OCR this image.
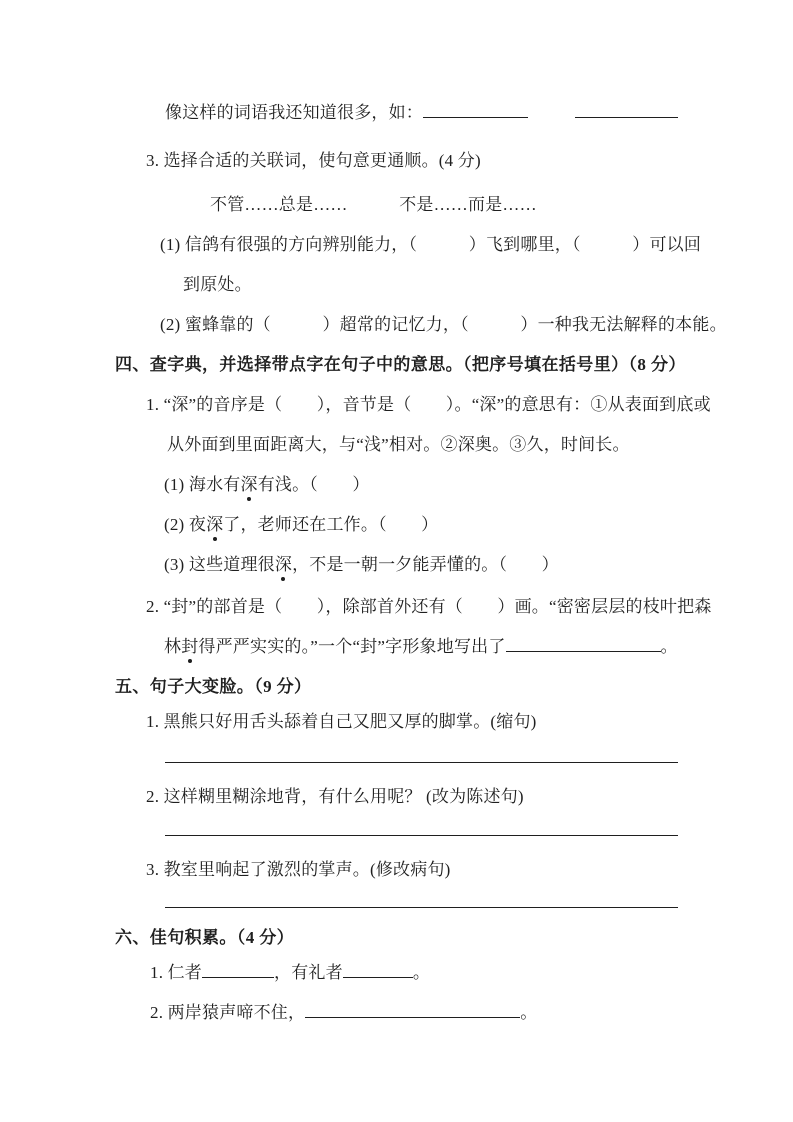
像这样的词语我还知道很多，如：
3. 选择合适的关联词，使句意更通顺。(4 分)
不管……总是……　　　不是……而是……
(1) 信鸽有很强的方向辨别能力，（　　　）飞到哪里，（　　　）可以回
到原处。
(2) 蜜蜂靠的（　　　）超常的记忆力，（　　　）一种我无法解释的本能。
四、查字典，并选择带点字在句子中的意思。（把序号填在括号里）（8 分）
1. “深”的音序是（　　），音节是（　　）。“深”的意思有：①从表面到底或
从外面到里面距离大，与“浅”相对。②深奥。③久，时间长。
(1) 海水有深有浅。（　　）
(2) 夜深了，老师还在工作。（　　）
(3) 这些道理很深，不是一朝一夕能弄懂的。（　　）
2. “封”的部首是（　　），除部首外还有（　　）画。“密密层层的枝叶把森
林封得严严实实的。”一个“封”字形象地写出了	。
五、句子大变脸。（9 分）
1. 黑熊只好用舌头舔着自己又肥又厚的脚掌。(缩句)
2. 这样糊里糊涂地背，有什么用呢？ (改为陈述句)
3. 教室里响起了激烈的掌声。(修改病句)
六、佳句积累。（4 分）
1. 仁者	，有礼者	。
2. 两岸猿声啼不住，	。
